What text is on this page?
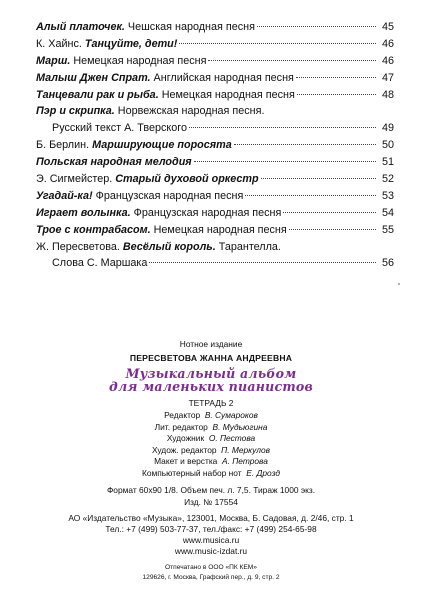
Алый платочек. Чешская народная песня	45
К. Хайнс. Танцуйте, дети!	46
Марш. Немецкая народная песня	46
Малыш Джен Спрат. Английская народная песня	47
Танцевали рак и рыба. Немецкая народная песня	48
Пэр и скрипка. Норвежская народная песня.
Русский текст А. Тверского	49
Б. Берлин. Марширующие поросята	50
Польская народная мелодия	51
Э. Сигмейстер. Старый духовой оркестр	52
Угадай-ка! Французская народная песня	53
Играет волынка. Французская народная песня	54
Трое с контрабасом. Немецкая народная песня	55
Ж. Пересветова. Весёлый король. Тарантелла.
Слова С. Маршака	56
Нотное издание
ПЕРЕСВЕТОВА ЖАННА АНДРЕЕВНА
Музыкальный альбом
для маленьких пианистов
ТЕТРАДЬ 2
Редактор В. Сумароков
Лит. редактор В. Мудьюгина
Художник О. Пестова
Худож. редактор П. Меркулов
Макет и верстка А. Петрова
Компьютерный набор нот Е. Дрозд
Формат 60x90 1/8. Объем печ. л. 7,5. Тираж 1000 экз.
Изд. № 17554
АО «Издательство «Музыка», 123001, Москва, Б. Садовая, д. 2/46, стр. 1
Тел.: +7 (499) 503-77-37, тел./факс: +7 (499) 254-65-98
www.musica.ru
www.music-izdat.ru
Отпечатано в ООО «ПК КЕМ»
129626, г. Москва, Графский пер., д. 9, стр. 2
